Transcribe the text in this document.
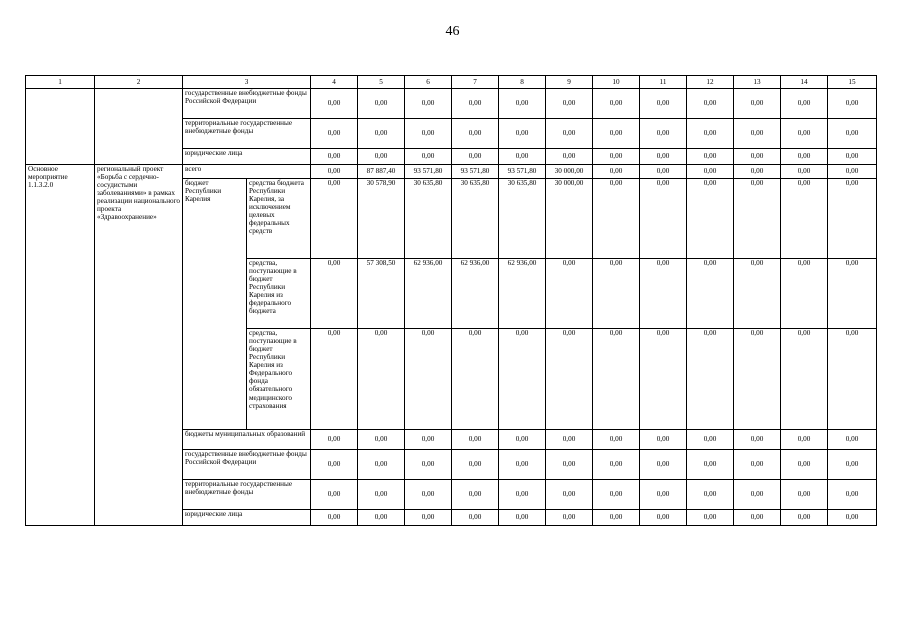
46
1	2	3		4	5	6	7	8	9	10	11	12	13	14	15
		государственные внебюджетные фонды Российской Федерации		0,00	0,00	0,00	0,00	0,00	0,00	0,00	0,00	0,00	0,00	0,00	0,00
		территориальные государственные внебюджетные фонды		0,00	0,00	0,00	0,00	0,00	0,00	0,00	0,00	0,00	0,00	0,00	0,00
		юридические лица		0,00	0,00	0,00	0,00	0,00	0,00	0,00	0,00	0,00	0,00	0,00	0,00
Основное мероприятие 1.1.3.2.0	региональный проект «Борьба с сердечно-сосудистыми заболеваниями» в рамках реализации национального проекта «Здравоохранение»	всего		0,00	87 887,40	93 571,80	93 571,80	93 571,80	30 000,00	0,00	0,00	0,00	0,00	0,00	0,00
		бюджет Республики Карелия	средства бюджета Республики Карелия, за исключением целевых федеральных средств	0,00	30 578,90	30 635,80	30 635,80	30 635,80	30 000,00	0,00	0,00	0,00	0,00	0,00	0,00
			средства, поступающие в бюджет Республики Карелия из федерального бюджета	0,00	57 308,50	62 936,00	62 936,00	62 936,00	0,00	0,00	0,00	0,00	0,00	0,00	0,00
			средства, поступающие в бюджет Республики Карелия из Федерального фонда обязательного медицинского страхования	0,00	0,00	0,00	0,00	0,00	0,00	0,00	0,00	0,00	0,00	0,00	0,00
		бюджеты муниципальных образований		0,00	0,00	0,00	0,00	0,00	0,00	0,00	0,00	0,00	0,00	0,00	0,00
		государственные внебюджетные фонды Российской Федерации		0,00	0,00	0,00	0,00	0,00	0,00	0,00	0,00	0,00	0,00	0,00	0,00
		территориальные государственные внебюджетные фонды		0,00	0,00	0,00	0,00	0,00	0,00	0,00	0,00	0,00	0,00	0,00	0,00
		юридические лица		0,00	0,00	0,00	0,00	0,00	0,00	0,00	0,00	0,00	0,00	0,00	0,00
